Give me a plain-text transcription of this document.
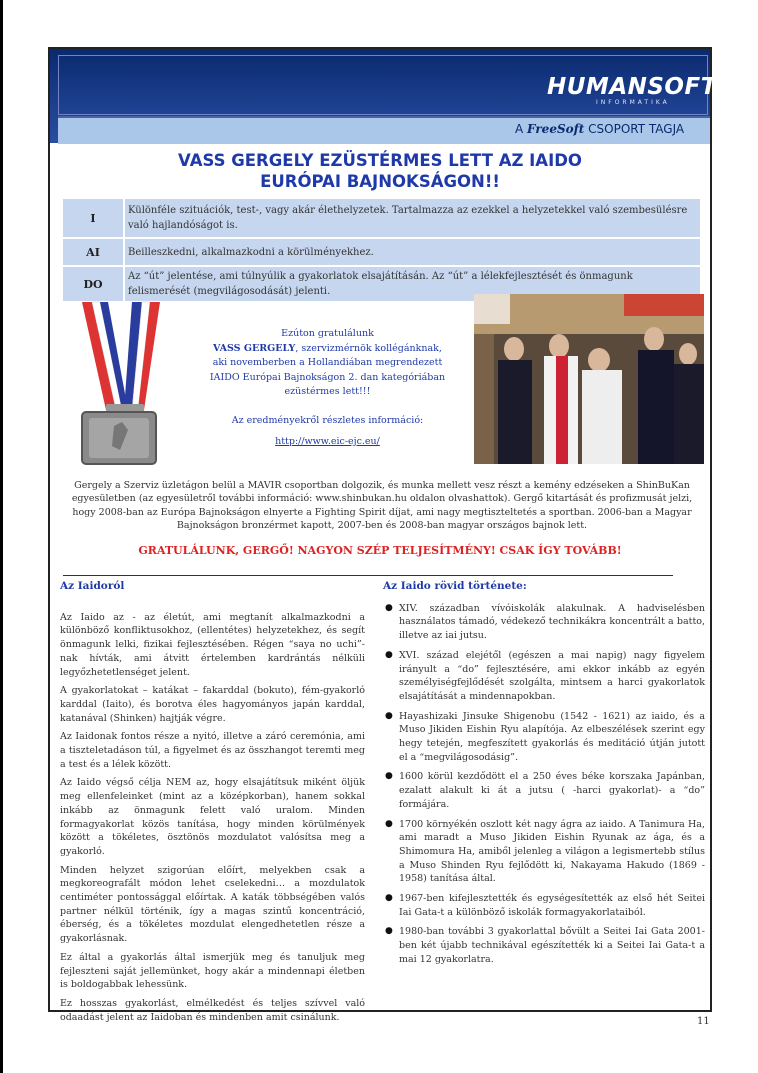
HUMANSOFT
INFORMATIKA
A FreeSoft CSOPORT TAGJA
VASS GERGELY EZÜSTÉRMES LETT AZ IAIDO
EURÓPAI BAJNOKSÁGON!!
I	Különféle szituációk, test-, vagy akár élethelyzetek. Tartalmazza az ezekkel a helyzetekkel való szembesülésre való hajlandóságot is.
AI	Beilleszkedni, alkalmazkodni a körülményekhez.
DO	Az “út” jelentése, ami túlnyúlik a gyakorlatok elsajátításán. Az “út” a lélekfejlesztését és önmagunk felismerését (megvilágosodását) jelenti.
Ezúton gratulálunk
VASS GERGELY, szervizmérnök kollégánknak,
aki novemberben a Hollandiában megrendezett
IAIDO Európai Bajnokságon 2. dan kategóriában
ezüstérmes lett!!!
Az eredményekről részletes információ:
http://www.eic-ejc.eu/
Gergely a Szerviz üzletágon belül a MAVIR csoportban dolgozik, és munka mellett vesz részt a kemény edzéseken a ShinBuKan egyesületben (az egyesületről további információ: www.shinbukan.hu oldalon olvashattok). Gergő kitartását és profizmusát jelzi, hogy 2008-ban az Európa Bajnokságon elnyerte a Fighting Spirit díjat, ami nagy megtiszteltetés a sportban. 2006-ban a Magyar Bajnokságon bronzérmet kapott, 2007-ben és 2008-ban magyar országos bajnok lett.
GRATULÁLUNK, GERGŐ! NAGYON SZÉP TELJESÍTMÉNY! CSAK ÍGY TOVÁBB!
Az Iaidoról

Az Iaido az - az életút, ami megtanít alkalmazkodni a különböző konfliktusokhoz, (ellentétes) helyzetekhez, és segít önmagunk lelki, fizikai fejlesztésében. Régen “saya no uchi”-nak hívták, ami átvitt értelemben kardrántás nélküli legyőzhetetlenséget jelent.

A gyakorlatokat – katákat – fakarddal (bokuto), fém-gyakorló karddal (Iaito), és borotva éles hagyományos japán karddal, katanával (Shinken) hajtják végre.

Az Iaidonak fontos része a nyitó, illetve a záró ceremónia, ami a tiszteletadáson túl, a figyelmet és az összhangot teremti meg a test és a lélek között.

Az Iaido végső célja NEM az, hogy elsajátítsuk miként öljük meg ellenfeleinket (mint az a középkorban), hanem sokkal inkább az önmagunk felett való uralom. Minden formagyakorlat közös tanítása, hogy minden körülmények között a tökéletes, ösztönös mozdulatot valósítsa meg a gyakorló.

Minden helyzet szigorúan előírt, melyekben csak a megkoreografált módon lehet cselekedni… a mozdulatok centiméter pontossággal előírtak. A katák többségében valós partner nélkül történik, így a magas szintű koncentráció, éberség, és a tökéletes mozdulat elengedhetetlen része a gyakorlásnak.

Ez által a gyakorlás által ismerjük meg és tanuljuk meg fejleszteni saját jellemünket, hogy akár a mindennapi életben is boldogabbak lehessünk.

Ez hosszas gyakorlást, elmélkedést és teljes szívvel való odaadást jelent az Iaidoban és mindenben amit csinálunk.

Az Iaido rövid története:
● XIV. században vívóiskolák alakulnak. A hadviselésben használatos támadó, védekező technikákra koncentrált a batto, illetve az iai jutsu.
● XVI. század elejétől (egészen a mai napig) nagy figyelem irányult a “do” fejlesztésére, ami ekkor inkább az egyén személyiségfejlődését szolgálta, mintsem a harci gyakorlatok elsajátítását a mindennapokban.
● Hayashizaki Jinsuke Shigenobu (1542 - 1621) az iaido, és a Muso Jikiden Eishin Ryu alapítója. Az elbeszélések szerint egy hegy tetején, megfeszített gyakorlás és meditáció útján jutott el a “megvilágosodásig”.
● 1600 körül kezdődött el a 250 éves béke korszaka Japánban, ezalatt alakult ki át a jutsu ( -harci gyakorlat)- a “do” formájára.
● 1700 környékén oszlott két nagy ágra az iaido. A Tanimura Ha, ami maradt a Muso Jikiden Eishin Ryunak az ága, és a Shimomura Ha, amiből jelenleg a világon a legismertebb stílus a Muso Shinden Ryu fejlődött ki, Nakayama Hakudo (1869 - 1958) tanítása által.
● 1967-ben kifejlesztették és egységesítették az első hét Seitei Iai Gata-t a különböző iskolák formagyakorlataiból.
● 1980-ban további 3 gyakorlattal bővült a Seitei Iai Gata 2001-ben két újabb technikával egészítették ki a Seitei Iai Gata-t a mai 12 gyakorlatra.
11
